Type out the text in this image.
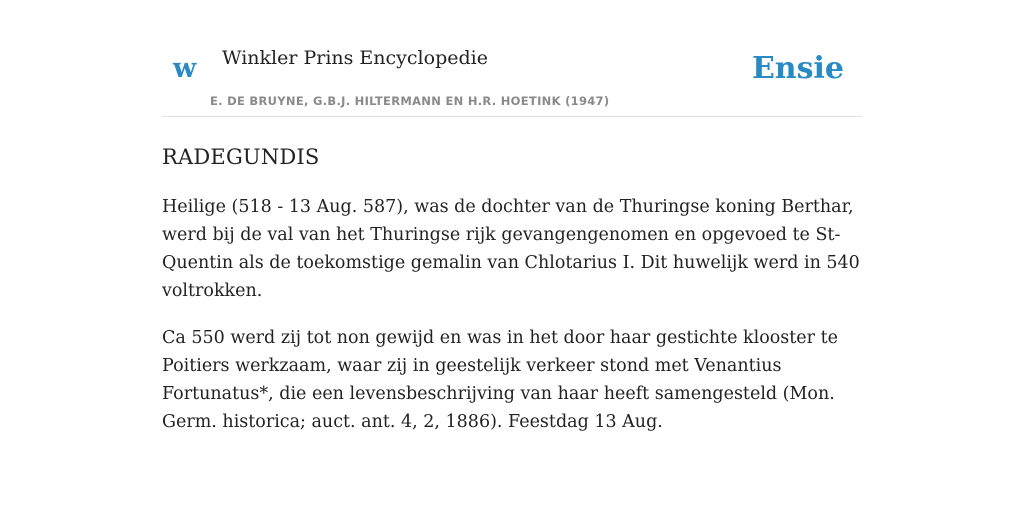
w Winkler Prins Encyclopedie
E. DE BRUYNE, G.B.J. HILTERMANN EN H.R. HOETINK (1947)
Ensie
RADEGUNDIS

Heilige (518 - 13 Aug. 587), was de dochter van de Thuringse koning Berthar, werd bij de val van het Thuringse rijk gevangengenomen en opgevoed te St-Quentin als de toekomstige gemalin van Chlotarius I. Dit huwelijk werd in 540 voltrokken.

Ca 550 werd zij tot non gewijd en was in het door haar gestichte klooster te Poitiers werkzaam, waar zij in geestelijk verkeer stond met Venantius Fortunatus*, die een levensbeschrijving van haar heeft samengesteld (Mon. Germ. historica; auct. ant. 4, 2, 1886). Feestdag 13 Aug.
